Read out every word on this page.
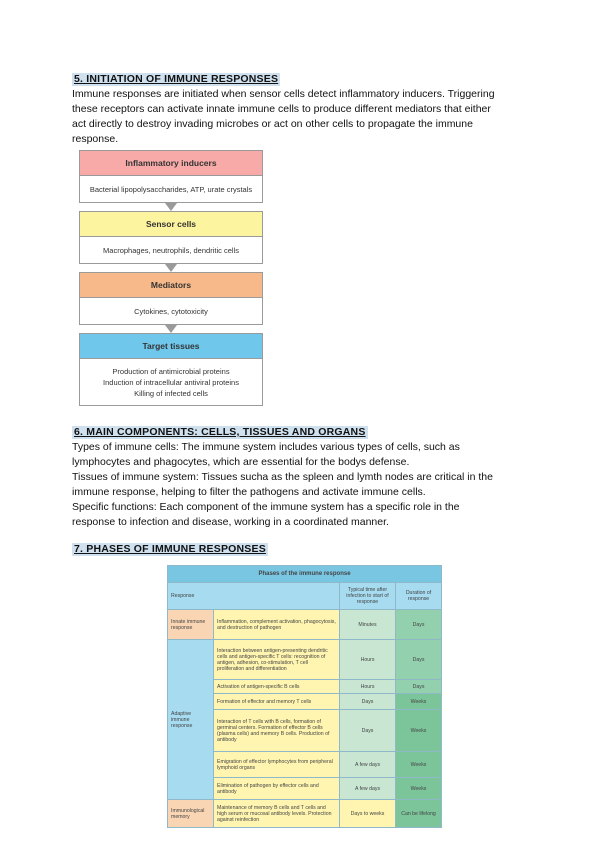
5. INITIATION OF IMMUNE RESPONSES
Immune responses are initiated when sensor cells detect inflammatory inducers. Triggering
these receptors can activate innate immune cells to produce different mediators that either
act directly to destroy invading microbes or act on other cells to propagate the immune
response.
Inflammatory inducers
Bacterial lipopolysaccharides, ATP, urate crystals
Sensor cells
Macrophages, neutrophils, dendritic cells
Mediators
Cytokines, cytotoxicity
Target tissues
Production of antimicrobial proteins
Induction of intracellular antiviral proteins
Killing of infected cells
6. MAIN COMPONENTS: CELLS, TISSUES AND ORGANS
Types of immune cells: The immune system includes various types of cells, such as
lymphocytes and phagocytes, which are essential for the bodys defense.
Tissues of immune system: Tissues sucha as the spleen and lymth nodes are critical in the
immune response, helping to filter the pathogens and activate immune cells.
Specific functions: Each component of the immune system has a specific role in the
response to infection and disease, working in a coordinated manner.
7. PHASES OF IMMUNE RESPONSES
Phases of the immune response			
Response		Typical time after infection to start of response	Duration of response
Innate immune response	Inflammation, complement activation, phagocytosis, and destruction of pathogen	Minutes	Days
Adaptive immune response	Interaction between antigen-presenting dendritic cells and antigen-specific T cells: recognition of antigen, adhesion, co-stimulation, T cell proliferation and differentiation	Hours	Days
	Activation of antigen-specific B cells	Hours	Days
	Formation of effector and memory T cells	Days	Weeks
	Interaction of T cells with B cells, formation of germinal centers. Formation of effector B cells (plasma cells) and memory B cells. Production of antibody	Days	Weeks
	Emigration of effector lymphocytes from peripheral lymphoid organs	A few days	Weeks
	Elimination of pathogen by effector cells and antibody	A few days	Weeks
Immunological memory	Maintenance of memory B cells and T cells and high serum or mucosal antibody levels. Protection against reinfection	Days to weeks	Can be lifelong
